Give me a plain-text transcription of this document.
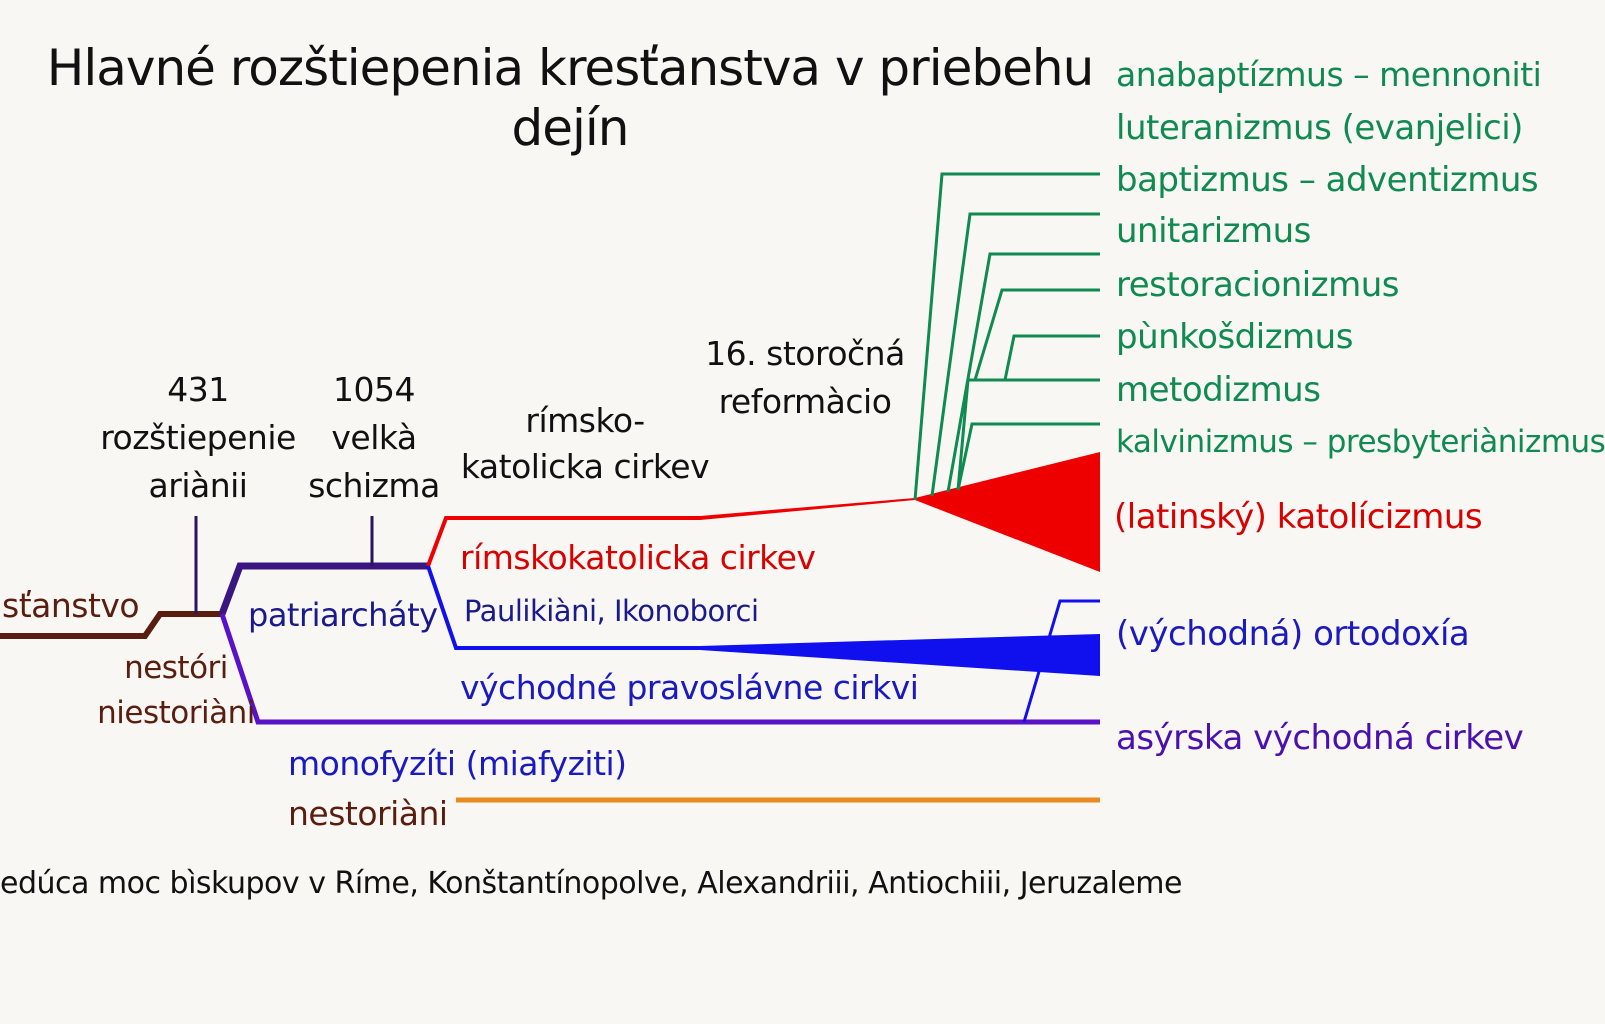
Hlavné rozštiepenia kresťanstva v priebehu dejín
431
rozštiepenie
ariànii
1054
velkà
schizma
rímsko-
katolicka cirkev
16. storočná
reformàcio
sťanstvo
nestóri
niestoriàni
patriarcháty
rímskokatolicka cirkev
Paulikiàni, Ikonoborci
východné pravoslávne cirkvi
monofyzíti (miafyziti)
nestoriàni
(latinský) katolícizmus
(východná) ortodoxía
asýrska východná cirkev
anabaptízmus – mennoniti
luteranizmus (evanjelici)
baptizmus – adventizmus
unitarizmus
restoracionizmus
pùnkošdizmus
metodizmus
kalvinizmus – presbyteriànizmus
edúca moc bìskupov v Ríme, Konštantínopolve, Alexandriii, Antiochiii, Jeruzaleme
